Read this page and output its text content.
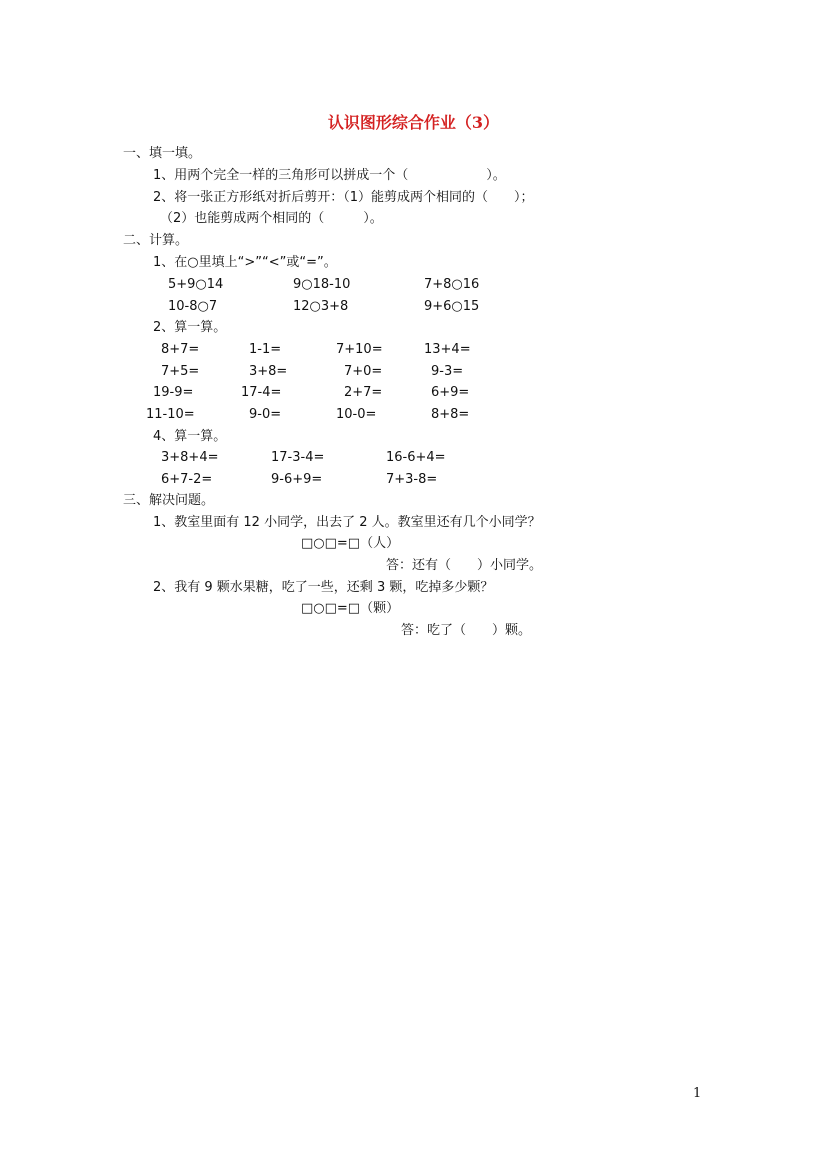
认识图形综合作业（3）
一、填一填。
1、用两个完全一样的三角形可以拼成一个（　　　　　　）。
2、将一张正方形纸对折后剪开：（1）能剪成两个相同的（　　）；
（2）也能剪成两个相同的（　　　）。
二、计算。
1、在○里填上“>”“<”或“=”。
5+9○14	9○18-10	7+8○16
10-8○7	12○3+8	9+6○15
2、算一算。
8+7=	1-1=	7+10=	13+4=
7+5=	3+8=	7+0=	9-3=
19-9=	17-4=	2+7=	6+9=
11-10=	9-0=	10-0=	8+8=
4、算一算。
3+8+4=	17-3-4=	16-6+4=
6+7-2=	9-6+9=	7+3-8=
三、解决问题。
1、教室里面有 12 小同学，出去了 2 人。教室里还有几个小同学？
□○□=□（人）
答：还有（　　）小同学。
2、我有 9 颗水果糖，吃了一些，还剩 3 颗，吃掉多少颗？
□○□=□（颗）
答：吃了（　　）颗。
1
